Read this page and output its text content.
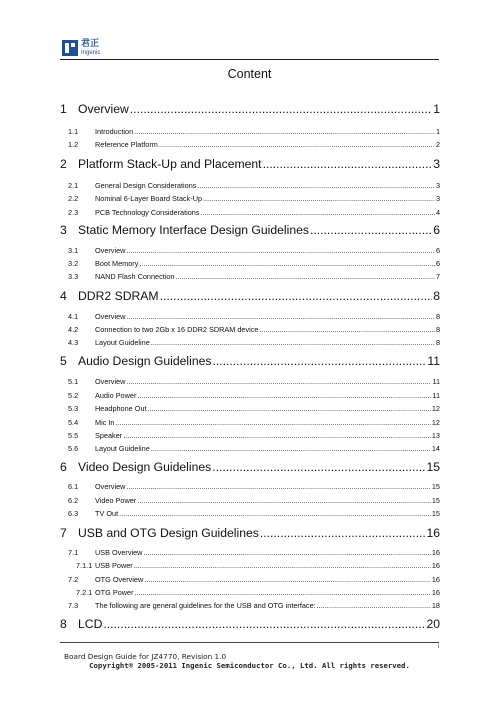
君正
Ingenic
Content
1 Overview .....	1
1.1	Introduction .....	1
1.2	Reference Platform .....	2
2 Platform Stack-Up and Placement .....	3
2.1	General Design Considerations .....	3
2.2	Nominal 6-Layer Board Stack-Up .....	3
2.3	PCB Technology Considerations .....	4
3 Static Memory Interface Design Guidelines .....	6
3.1	Overview .....	6
3.2	Boot Memory .....	6
3.3	NAND Flash Connection .....	7
4 DDR2 SDRAM .....	8
4.1	Overview .....	8
4.2	Connection to two 2Gb x 16 DDR2 SDRAM device .....	8
4.3	Layout Guideline .....	8
5 Audio Design Guidelines .....	11
5.1	Overview .....	11
5.2	Audio Power .....	11
5.3	Headphone Out .....	12
5.4	Mic In .....	12
5.5	Speaker .....	13
5.6	Layout Guideline .....	14
6 Video Design Guidelines .....	15
6.1	Overview .....	15
6.2	Video Power .....	15
6.3	TV Out .....	15
7 USB and OTG Design Guidelines .....	16
7.1	USB Overview .....	16
7.1.1 USB Power .....	16
7.2	OTG Overview .....	16
7.2.1 OTG Power .....	16
7.3	The following are general guidelines for the USB and OTG interface: .....	18
8 LCD .....	20
i
Board Design Guide for JZ4770, Revision 1.0
Copyright® 2005-2011 Ingenic Semiconductor Co., Ltd. All rights reserved.
